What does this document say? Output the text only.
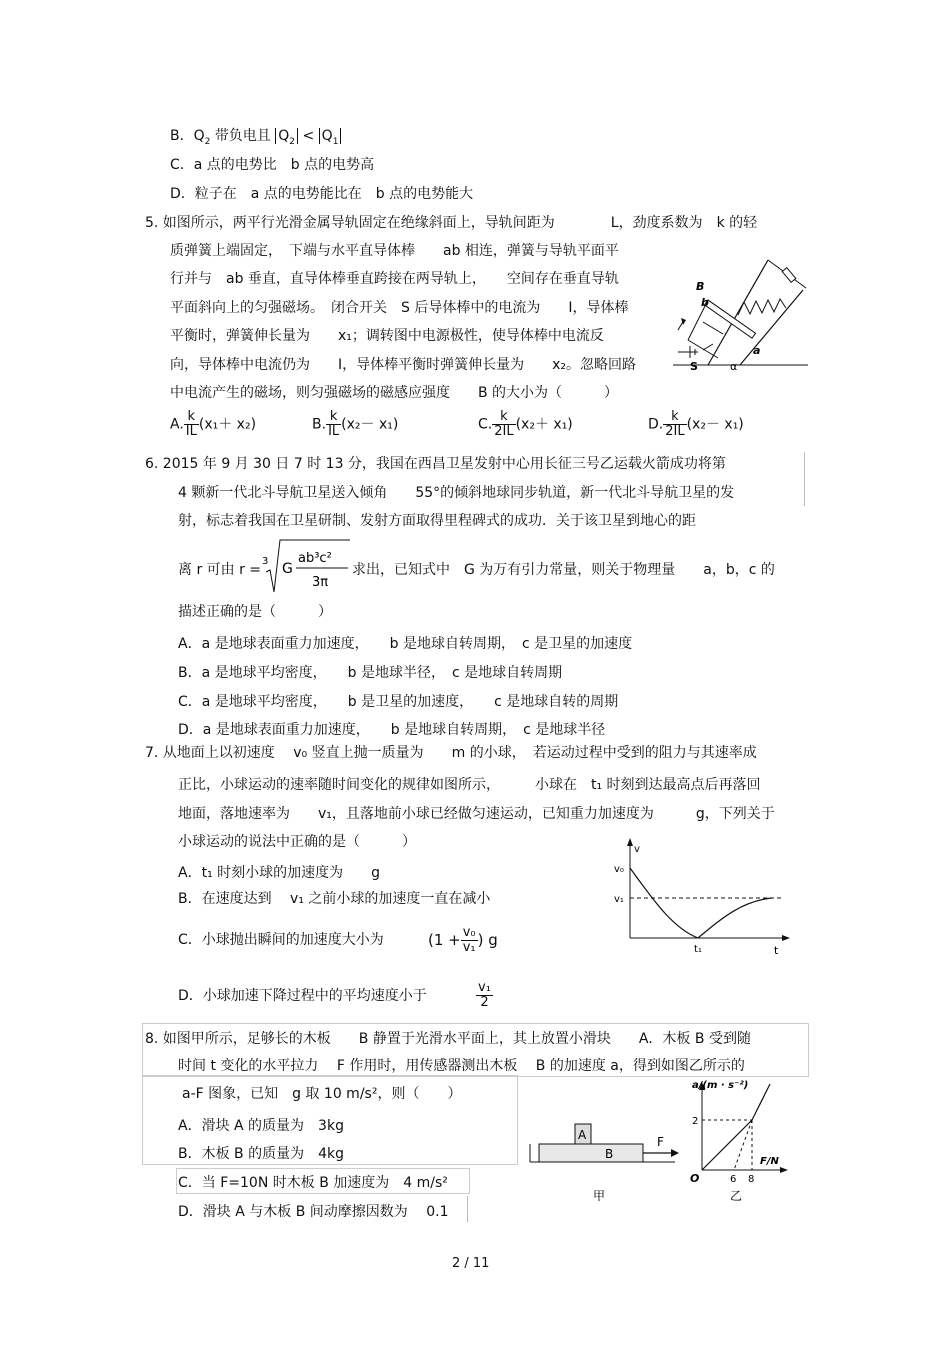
B．$Q_2$ 带负电且 $Q_2 < Q_1$
C．a 点的电势比　b 点的电势高
D．粒子在　a 点的电势能比在　b 点的电势能大
5. 如图所示，两平行光滑金属导轨固定在绝缘斜面上，导轨间距为　　　　L，劲度系数为　k 的轻
质弹簧上端固定，　下端与水平直导体棒　　ab 相连，弹簧与导轨平面平
行并与　ab 垂直，直导体棒垂直跨接在两导轨上，　　空间存在垂直导轨
平面斜向上的匀强磁场。　闭合开关　S 后导体棒中的电流为　　I，导体棒
平衡时，弹簧伸长量为　　x₁；调转图中电源极性，使导体棒中电流反
向，导体棒中电流仍为　　I，导体棒平衡时弹簧伸长量为　　x₂。忽略回路
中电流产生的磁场，则匀强磁场的磁感应强度　　B 的大小为（　　　）
A. $\frac{k}{IL} (x_1+ x_2)$	B. $\frac{k}{IL} (x_2- x_1)$	C. $\frac{k}{2IL} (x_2+ x_1)$	D. $\frac{k}{2IL} (x_2- x_1)$
B
b
a
S	α
6. 2015 年 9 月 30 日 7 时 13 分，我国在西昌卫星发射中心用长征三号乙运载火箭成功将第
4 颗新一代北斗导航卫星送入倾角　　55°的倾斜地球同步轨道，新一代北斗导航卫星的发
射，标志着我国在卫星研制、发射方面取得里程碑式的成功．关于该卫星到地心的距
离 r 可由 r =
3 G
ab³c²
3π
求出，已知式中　G 为万有引力常量，则关于物理量　　a，b，c 的
描述正确的是（　　　）
A．a 是地球表面重力加速度，　　b 是地球自转周期，　c 是卫星的加速度
B．a 是地球平均密度，　　b 是地球半径，　c 是地球自转周期
C．a 是地球平均密度，　　b 是卫星的加速度，　　c 是地球自转的周期
D．a 是地球表面重力加速度，　　b 是地球自转周期，　c 是地球半径
7. 从地面上以初速度　 v₀ 竖直上抛一质量为　　m 的小球，　若运动过程中受到的阻力与其速率成
正比，小球运动的速率随时间变化的规律如图所示，　　　小球在　t₁ 时刻到达最高点后再落回
地面，落地速率为　　v₁，且落地前小球已经做匀速运动，已知重力加速度为　　　g，下列关于
小球运动的说法中正确的是（　　　）
A．t₁ 时刻小球的加速度为　　g
B．在速度达到　 v₁ 之前小球的加速度一直在减小
C．小球抛出瞬间的加速度大小为	($1 + \frac{\text{v₀}}{\text{v₁}}$ ) g
D．小球加速下降过程中的平均速度小于	$\frac{\text{v₁}}{2}$
v
v₀
v₁
t₁	t
8. 如图甲所示，足够长的木板　　B 静置于光滑水平面上，其上放置小滑块　　A．木板 B 受到随
时间 t 变化的水平拉力　 F 作用时，用传感器测出木板　 B 的加速度 a，得到如图乙所示的
a-F 图象，已知　g 取 10 m/s²，则（　　）
A．滑块 A 的质量为　3kg
B．木板 B 的质量为　4kg
C．当 F=10N 时木板 B 加速度为　4 m/s²
D．滑块 A 与木板 B 间动摩擦因数为　 0.1
A
B
F
甲
a/(m · s⁻²)
2
O	6 8
F/N
乙
2 / 11
